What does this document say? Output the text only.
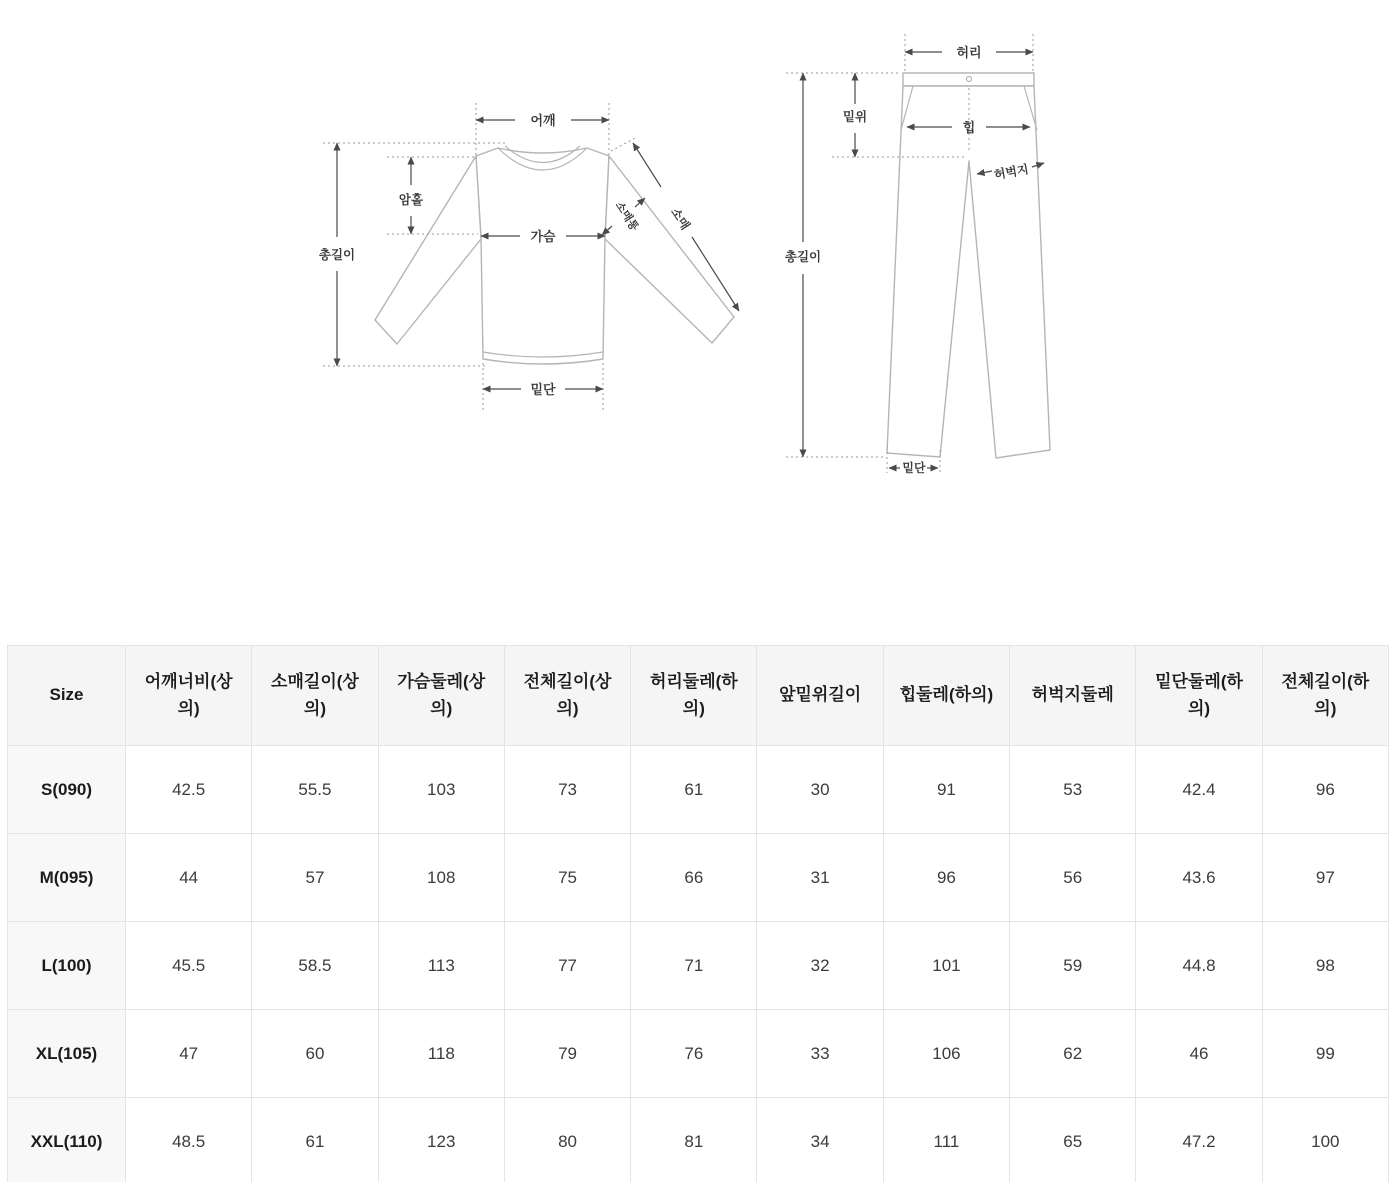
어깨
총길이
암홀
가슴
밑단
소매
소매통
허리
총길이
밑위
힙
허벅지
밑단
Size	어깨너비(상의)	소매길이(상의)	가슴둘레(상의)	전체길이(상의)	허리둘레(하의)	앞밑위길이	힙둘레(하의)	허벅지둘레	밑단둘레(하의)	전체길이(하의)
S(090)	42.5	55.5	103	73	61	30	91	53	42.4	96
M(095)	44	57	108	75	66	31	96	56	43.6	97
L(100)	45.5	58.5	113	77	71	32	101	59	44.8	98
XL(105)	47	60	118	79	76	33	106	62	46	99
XXL(110)	48.5	61	123	80	81	34	111	65	47.2	100
